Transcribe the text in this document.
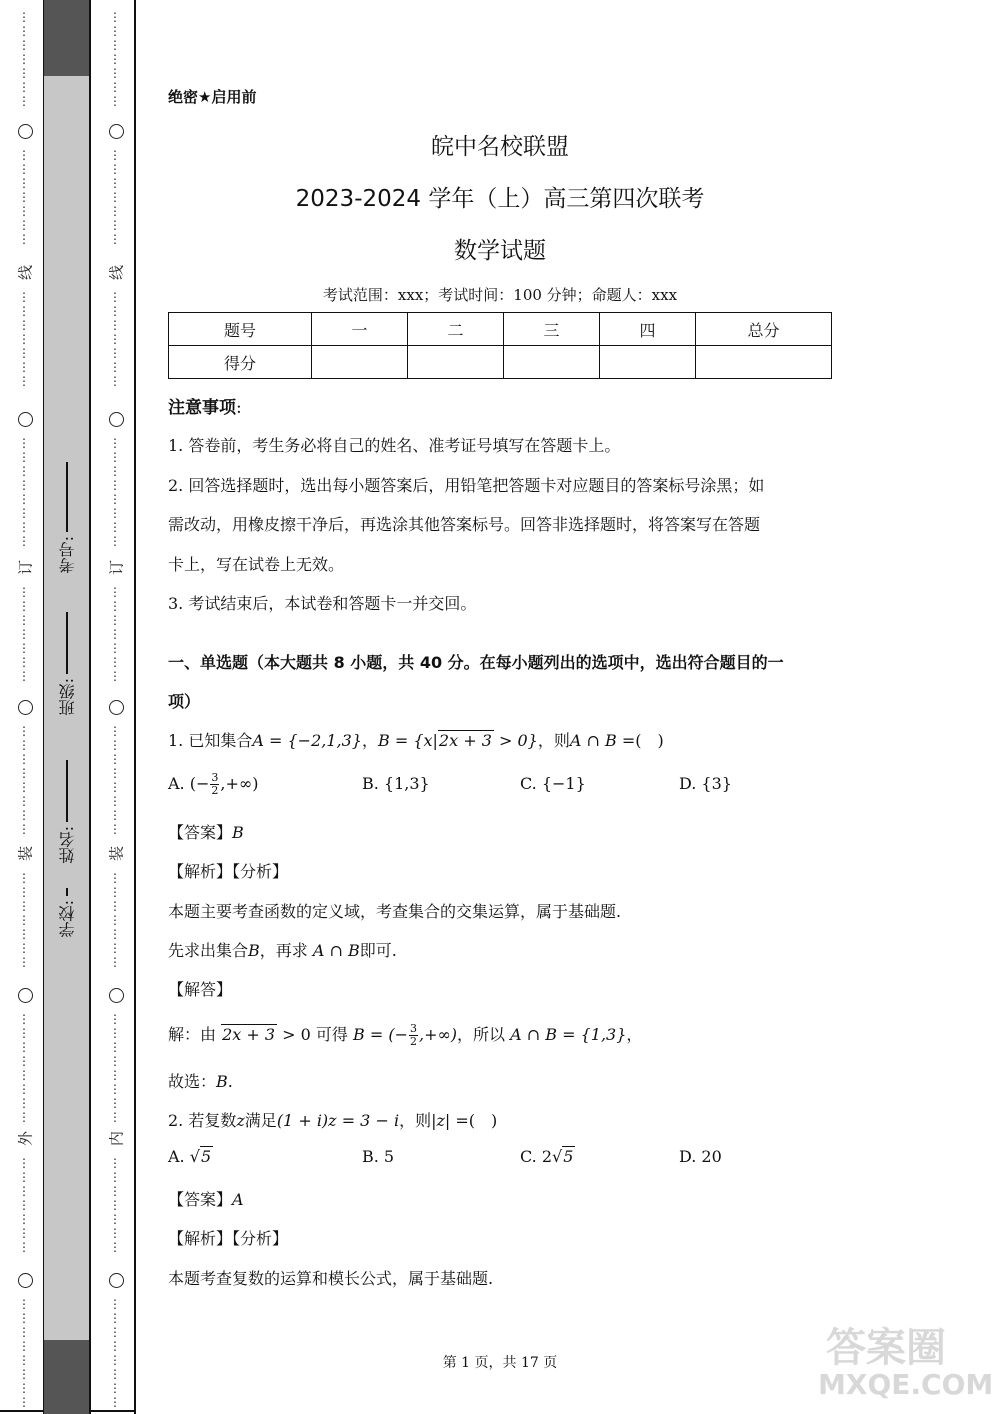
⋮
⋮
⋮
⋮
⋮
⋮
⋮
⋮
⋮
⋮
⋮
⋮
⋮
⋮
线
⋮
⋮
⋮
⋮
⋮
⋮
⋮
⋮
⋮
⋮
⋮
⋮
⋮
⋮
⋮
订
⋮
⋮
⋮
⋮
⋮
⋮
⋮
⋮
⋮
⋮
⋮
⋮
⋮
⋮
⋮
装
⋮
⋮
⋮
⋮
⋮
⋮
⋮
⋮
⋮
⋮
⋮
⋮
⋮
⋮
⋮
外
⋮
⋮
⋮
⋮
⋮
⋮
⋮
⋮
⋮
⋮
⋮
⋮
⋮
⋮
⋮
⋮
⋮
⋮
⋮
⋮
⋮
⋮
⋮
⋮
⋮
⋮
⋮
⋮
⋮
线
⋮
⋮
⋮
⋮
⋮
⋮
⋮
⋮
⋮
⋮
⋮
⋮
⋮
⋮
⋮
订
⋮
⋮
⋮
⋮
⋮
⋮
⋮
⋮
⋮
⋮
⋮
⋮
⋮
⋮
⋮
装
⋮
⋮
⋮
⋮
⋮
⋮
⋮
⋮
⋮
⋮
⋮
⋮
⋮
⋮
⋮
内
⋮
⋮
⋮
⋮
⋮
⋮
⋮
⋮
⋮
⋮
⋮
⋮
⋮
⋮
⋮
考号:
班级:
姓名:
学校:
绝密★启用前
皖中名校联盟
2023-2024 学年（上）高三第四次联考
数学试题
考试范围：xxx；考试时间：100 分钟；命题人：xxx
题号	一	二	三	四	总分
得分					
注意事项:
1. 答卷前，考生务必将自己的姓名、准考证号填写在答题卡上。
2. 回答选择题时，选出每小题答案后，用铅笔把答题卡对应题目的答案标号涂黑；如
需改动，用橡皮擦干净后，再选涂其他答案标号。回答非选择题时，将答案写在答题
卡上，写在试卷上无效。
3. 考试结束后，本试卷和答题卡一并交回。
一、单选题（本大题共 8 小题，共 40 分。在每小题列出的选项中，选出符合题目的一
项）
1. 已知集合A = {−2,1,3}，B = {x|2x + 3 > 0}，则A ∩ B =(　)
A. (− $\frac{3}{2}$ ,+∞)	B. {1,3}	C. {−1}	D. {3}
【答案】B
【解析】【分析】
本题主要考查函数的定义域，考查集合的交集运算，属于基础题.
先求出集合B，再求 A ∩ B即可.
【解答】
解：由 2x + 3 > 0 可得 B = (− $\frac{3}{2}$ ,+∞)，所以 A ∩ B = {1,3}，
故选：B.
2. 若复数z满足(1 + i)z = 3 − i，则|z| =(　)
A. √5	B. 5	C. 2√5	D. 20
【答案】A
【解析】【分析】
本题考查复数的运算和模长公式，属于基础题.
第 1 页，共 17 页	答案圈
MXQE.COM
